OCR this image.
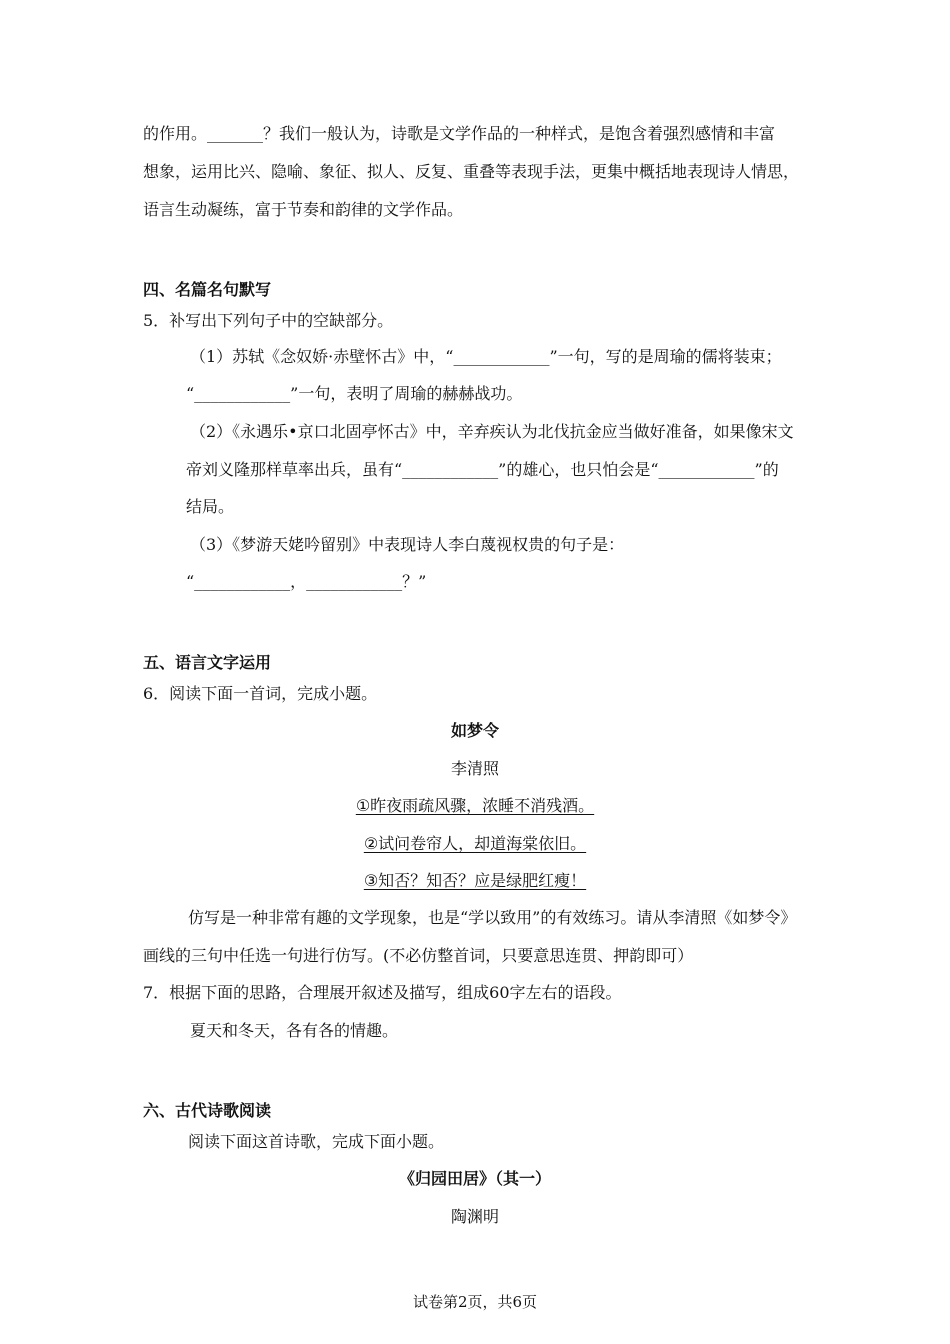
的作用。_______？我们一般认为，诗歌是文学作品的一种样式，是饱含着强烈感情和丰富
想象，运用比兴、隐喻、象征、拟人、反复、重叠等表现手法，更集中概括地表现诗人情思，
语言生动凝练，富于节奏和韵律的文学作品。
四、名篇名句默写
5．补写出下列句子中的空缺部分。
（1）苏轼《念奴娇·赤壁怀古》中，“____________”一句，写的是周瑜的儒将装束；
“____________”一句，表明了周瑜的赫赫战功。
（2）《永遇乐•京口北固亭怀古》中，辛弃疾认为北伐抗金应当做好准备，如果像宋文
帝刘义隆那样草率出兵，虽有“____________”的雄心，也只怕会是“____________”的
结局。
（3）《梦游天姥吟留别》中表现诗人李白蔑视权贵的句子是：
“____________，____________？”
五、语言文字运用
6．阅读下面一首词，完成小题。
如梦令
李清照
①昨夜雨疏风骤，浓睡不消残酒。
②试问卷帘人，却道海棠依旧。
③知否？知否？应是绿肥红瘦！
仿写是一种非常有趣的文学现象，也是“学以致用”的有效练习。请从李清照《如梦令》
画线的三句中任选一句进行仿写。(不必仿整首词，只要意思连贯、押韵即可）
7．根据下面的思路，合理展开叙述及描写，组成60字左右的语段。
夏天和冬天，各有各的情趣。
六、古代诗歌阅读
阅读下面这首诗歌，完成下面小题。
《归园田居》（其一）
陶渊明
试卷第2页，共6页
